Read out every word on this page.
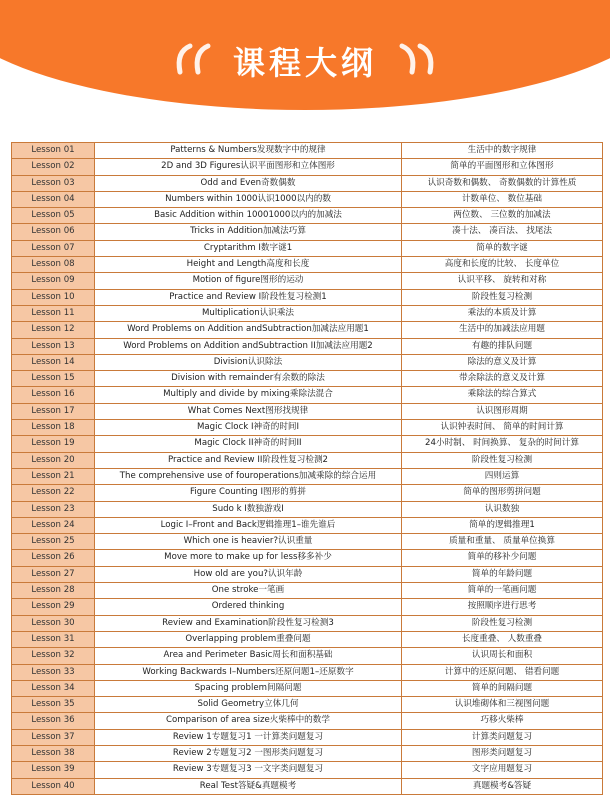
课程大纲
Lesson 01	Patterns & Numbers发现数字中的规律	生活中的数字规律
Lesson 02	2D and 3D Figures认识平面图形和立体图形	简单的平面图形和立体图形
Lesson 03	Odd and Even奇数偶数	认识奇数和偶数、 奇数偶数的计算性质
Lesson 04	Numbers within 1000认识1000以内的数	计数单位、 数位基础
Lesson 05	Basic Addition within 10001000以内的加减法	两位数、 三位数的加减法
Lesson 06	Tricks in Addition加减法巧算	凑十法、 凑百法、 找尾法
Lesson 07	Cryptarithm I数字谜1	简单的数字谜
Lesson 08	Height and Length高度和长度	高度和长度的比较、 长度单位
Lesson 09	Motion of figure图形的运动	认识平移、 旋转和对称
Lesson 10	Practice and Review I阶段性复习检测1	阶段性复习检测
Lesson 11	Multiplication认识乘法	乘法的本质及计算
Lesson 12	Word Problems on Addition andSubtraction加减法应用题1	生活中的加减法应用题
Lesson 13	Word Problems on Addition andSubtraction II加减法应用题2	有趣的排队问题
Lesson 14	Division认识除法	除法的意义及计算
Lesson 15	Division with remainder有余数的除法	带余除法的意义及计算
Lesson 16	Multiply and divide by mixing乘除法混合	乘除法的综合算式
Lesson 17	What Comes Next图形找规律	认识图形周期
Lesson 18	Magic Clock I神奇的时间I	认识钟表时间、 简单的时间计算
Lesson 19	Magic Clock II神奇的时间II	24小时制、 时间换算、 复杂的时间计算
Lesson 20	Practice and Review II阶段性复习检测2	阶段性复习检测
Lesson 21	The comprehensive use of fouroperations加减乘除的综合运用	四则运算
Lesson 22	Figure Counting I图形的剪拼	简单的图形剪拼问题
Lesson 23	Sudo k I数独游戏I	认识数独
Lesson 24	Logic I–Front and Back逻辑推理1–谁先谁后	简单的逻辑推理1
Lesson 25	Which one is heavier?认识重量	质量和重量、 质量单位换算
Lesson 26	Move more to make up for less移多补少	简单的移补少问题
Lesson 27	How old are you?认识年龄	简单的年龄问题
Lesson 28	One stroke一笔画	简单的一笔画问题
Lesson 29	Ordered thinking	按照顺序进行思考
Lesson 30	Review and Examination阶段性复习检测3	阶段性复习检测
Lesson 31	Overlapping problem重叠问题	长度重叠、 人数重叠
Lesson 32	Area and Perimeter Basic周长和面积基础	认识周长和面积
Lesson 33	Working Backwards I–Numbers还原问题1–还原数字	计算中的还原问题、 错看问题
Lesson 34	Spacing problem间隔问题	简单的间隔问题
Lesson 35	Solid Geometry立体几何	认识堆砌体和三视图问题
Lesson 36	Comparison of area size火柴棒中的数学	巧移火柴棒
Lesson 37	Review 1专题复习1 一计算类问题复习	计算类问题复习
Lesson 38	Review 2专题复习2 一图形类问题复习	图形类问题复习
Lesson 39	Review 3专题复习3 一文字类问题复习	文字应用题复习
Lesson 40	Real Test答疑&真题模考	真题模考&答疑
